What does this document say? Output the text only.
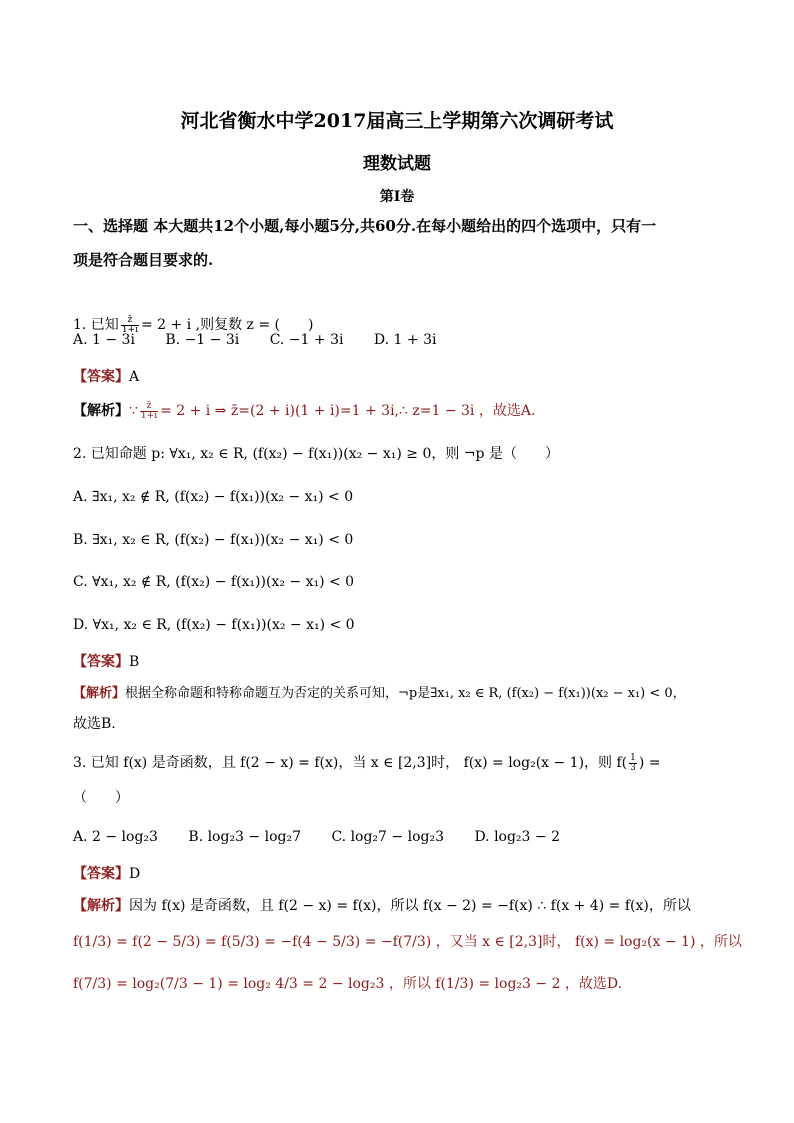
河北省衡水中学2017届高三上学期第六次调研考试
理数试题
第Ⅰ卷
一、选择题 本大题共12个小题,每小题5分,共60分.在每小题给出的四个选项中，只有一
项是符合题目要求的.
1. 已知 $\frac{z̄}{1+i} = 2 + i$ ,则复数 z = (　　)
A. 1 − 3i B. −1 − 3i C. −1 + 3i D. 1 + 3i
【答案】A
【解析】∵ $\frac{z̄}{1+i} = 2 + i$ ⇒ z̄=(2 + i)(1 + i)=1 + 3i,∴ z=1 − 3i ，故选A.
2. 已知命题 p: ∀x₁, x₂ ∈ R, (f(x₂) − f(x₁))(x₂ − x₁) ≥ 0，则 ¬p 是（　　）
A. ∃x₁, x₂ ∉ R, (f(x₂) − f(x₁))(x₂ − x₁) < 0
B. ∃x₁, x₂ ∈ R, (f(x₂) − f(x₁))(x₂ − x₁) < 0
C. ∀x₁, x₂ ∉ R, (f(x₂) − f(x₁))(x₂ − x₁) < 0
D. ∀x₁, x₂ ∈ R, (f(x₂) − f(x₁))(x₂ − x₁) < 0
【答案】B
【解析】根据全称命题和特称命题互为否定的关系可知，¬p是∃x₁, x₂ ∈ R, (f(x₂) − f(x₁))(x₂ − x₁) < 0，
故选B.
3. 已知 f(x) 是奇函数，且 f(2 − x) = f(x)，当 x ∈ [2,3]时， f(x) = log₂(x − 1)，则 $f( \frac{1}{3}$ ) =
（　　）
A. 2 − log₂3 B. log₂3 − log₂7 C. log₂7 − log₂3 D. log₂3 − 2
【答案】D
【解析】因为 f(x) 是奇函数，且 f(2 − x) = f(x)，所以 f(x − 2) = −f(x) ∴ f(x + 4) = f(x)，所以
f(1/3) = f(2 − 5/3) = f(5/3) = −f(4 − 5/3) = −f(7/3) ，又当 x ∈ [2,3]时， f(x) = log₂(x − 1) ，所以
f(7/3) = log₂(7/3 − 1) = log₂ 4/3 = 2 − log₂3 ，所以 f(1/3) = log₂3 − 2 ，故选D.
